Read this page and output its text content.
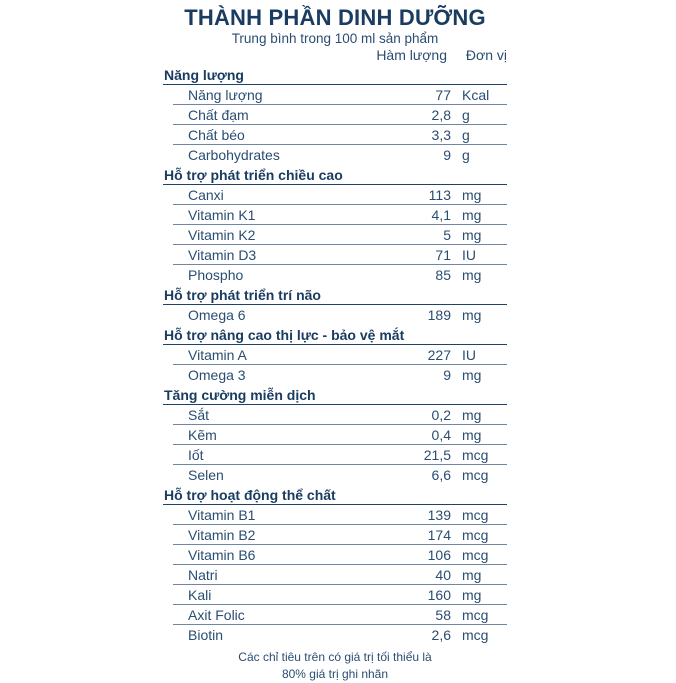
THÀNH PHẦN DINH DƯỠNG
Trung bình trong 100 ml sản phẩm
Hàm lượng Đơn vị
Năng lượng
Năng lượng	77 Kcal
Chất đạm	2,8 g
Chất béo	3,3 g
Carbohydrates	9 g
Hỗ trợ phát triển chiều cao
Canxi	113 mg
Vitamin K1	4,1 mg
Vitamin K2	5 mg
Vitamin D3	71 IU
Phospho	85 mg
Hỗ trợ phát triển trí não
Omega 6	189 mg
Hỗ trợ nâng cao thị lực - bảo vệ mắt
Vitamin A	227 IU
Omega 3	9 mg
Tăng cường miễn dịch
Sắt	0,2 mg
Kẽm	0,4 mg
Iốt	21,5 mcg
Selen	6,6 mcg
Hỗ trợ hoạt động thể chất
Vitamin B1	139 mcg
Vitamin B2	174 mcg
Vitamin B6	106 mcg
Natri	40 mg
Kali	160 mg
Axit Folic	58 mcg
Biotin	2,6 mcg
Các chỉ tiêu trên có giá trị tối thiểu là
80% giá trị ghi nhãn
